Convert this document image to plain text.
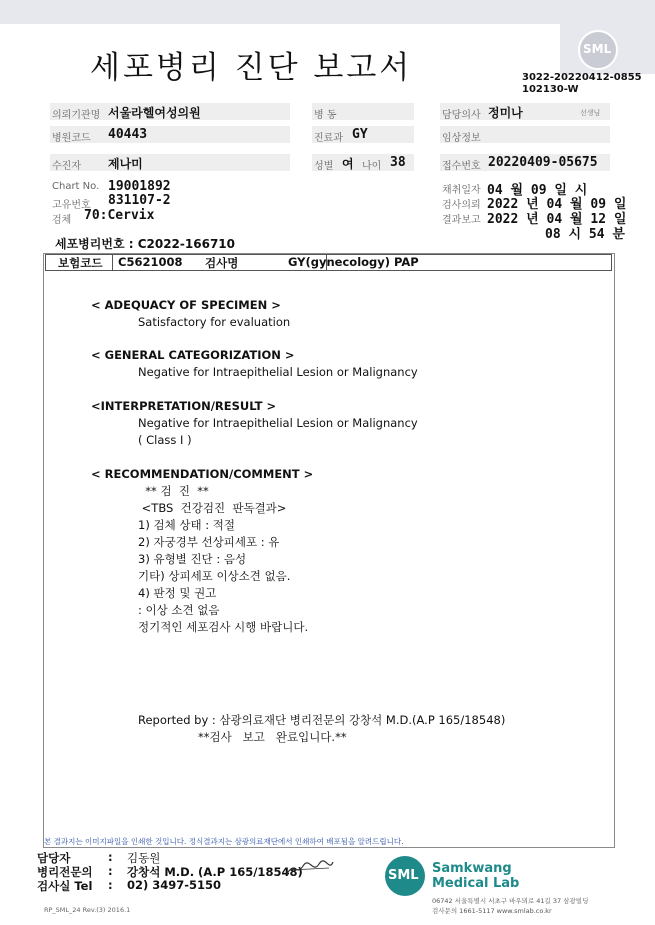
세포병리 진단 보고서
SML
3022-20220412-0855
102130-W
의뢰기관명 서울라헬여성의원	병 동	담당의사 정미나	선생님
병원코드 40443	진료과 GY	임상정보
수진자 제나미	성별 여 나이 38	접수번호 20220409-05675
Chart No. 19001892
고유번호 831107-2
검체 70:Cervix
채취일자 04 월 09 일 시
검사의뢰 2022 년 04 월 09 일
결과보고 2022 년 04 월 12 일
08 시 54 분
세포병리번호 : C2022-166710
보험코드 C5621008 검사명	GY(gynecology) PAP
< ADEQUACY OF SPECIMEN >
Satisfactory for evaluation
< GENERAL CATEGORIZATION >
Negative for Intraepithelial Lesion or Malignancy
<INTERPRETATION/RESULT >
Negative for Intraepithelial Lesion or Malignancy
( Class I )
< RECOMMENDATION/COMMENT >
** 검  진  **
<TBS  건강검진  판독결과>
1) 검체 상태 : 적절
2) 자궁경부 선상피세포 : 유
3) 유형별 진단 : 음성
기타) 상피세포 이상소견 없음.
4) 판정 및 권고
: 이상 소견 없음
정기적인 세포검사 시행 바랍니다.
Reported by : 삼광의료재단 병리전문의 강창석 M.D.(A.P 165/18548)
**검사   보고   완료입니다.**
본 결과지는 이미지파일을 인쇄한 것입니다. 정식결과지는 삼광의료재단에서 인쇄하여 배포됨을 알려드립니다.
담당자	: 김동원
병리전문의 : 강창석 M.D. (A.P 165/18548)
검사실 Tel : 02) 3497-5150
RP_SML_24 Rev.(3) 2016.1
SML Samkwang
Medical Lab
06742 서울특별시 서초구 바우뫼로 41길 37 삼광빌딩
검사문의 1661-5117 www.smlab.co.kr
